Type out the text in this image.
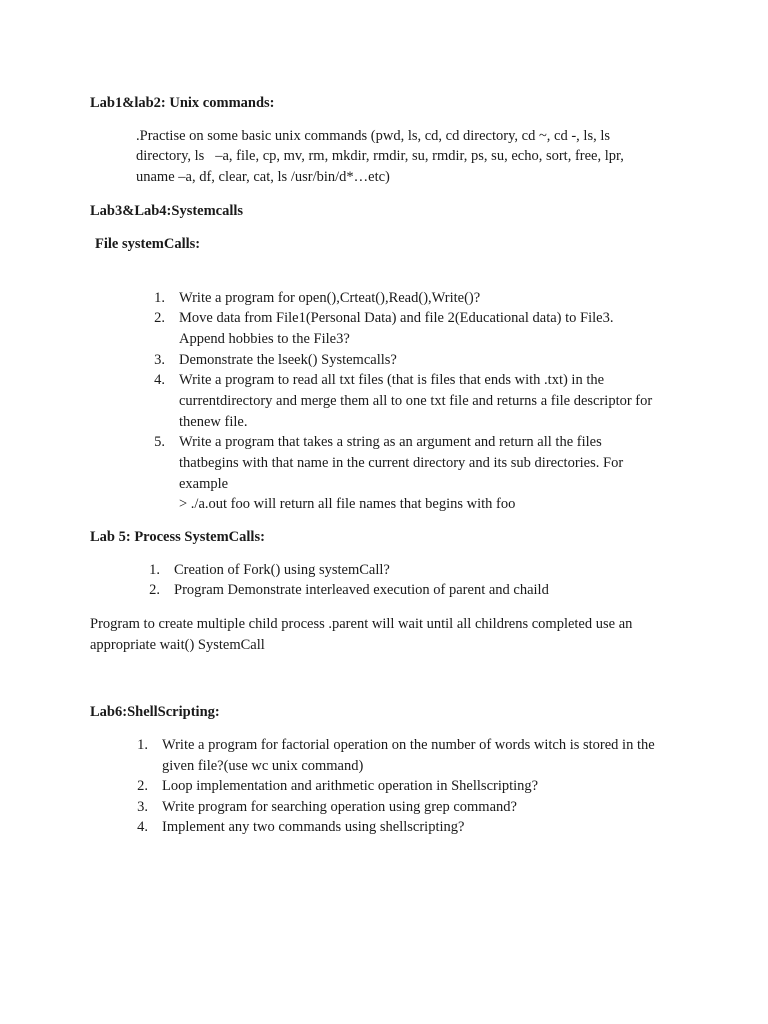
Lab1&lab2: Unix commands:

.Practise on some basic unix commands (pwd, ls, cd, cd directory, cd ~, cd -, ls, ls

directory, ls   –a, file, cp, mv, rm, mkdir, rmdir, su, rmdir, ps, su, echo, sort, free, lpr,

uname –a, df, clear, cat, ls /usr/bin/d*…etc)

Lab3&Lab4:Systemcalls

File systemCalls:

1. Write a program for open(),Crteat(),Read(),Write()?
2. Move data from File1(Personal Data) and file 2(Educational data) to File3.
Append hobbies to the File3?
3. Demonstrate the lseek() Systemcalls?
4. Write a program to read all txt files (that is files that ends with .txt) in the
currentdirectory and merge them all to one txt file and returns a file descriptor for
thenew file.
5. Write a program that takes a string as an argument and return all the files
thatbegins with that name in the current directory and its sub directories. For
example
> ./a.out foo will return all file names that begins with foo

Lab 5: Process SystemCalls:

1. Creation of Fork() using systemCall?
2. Program Demonstrate interleaved execution of parent and chaild

Program to create multiple child process .parent will wait until all childrens completed use an

appropriate wait() SystemCall

Lab6:ShellScripting:

1. Write a program for factorial operation on the number of words witch is stored in the
given file?(use wc unix command)
2. Loop implementation and arithmetic operation in Shellscripting?
3. Write program for searching operation using grep command?
4. Implement any two commands using shellscripting?
